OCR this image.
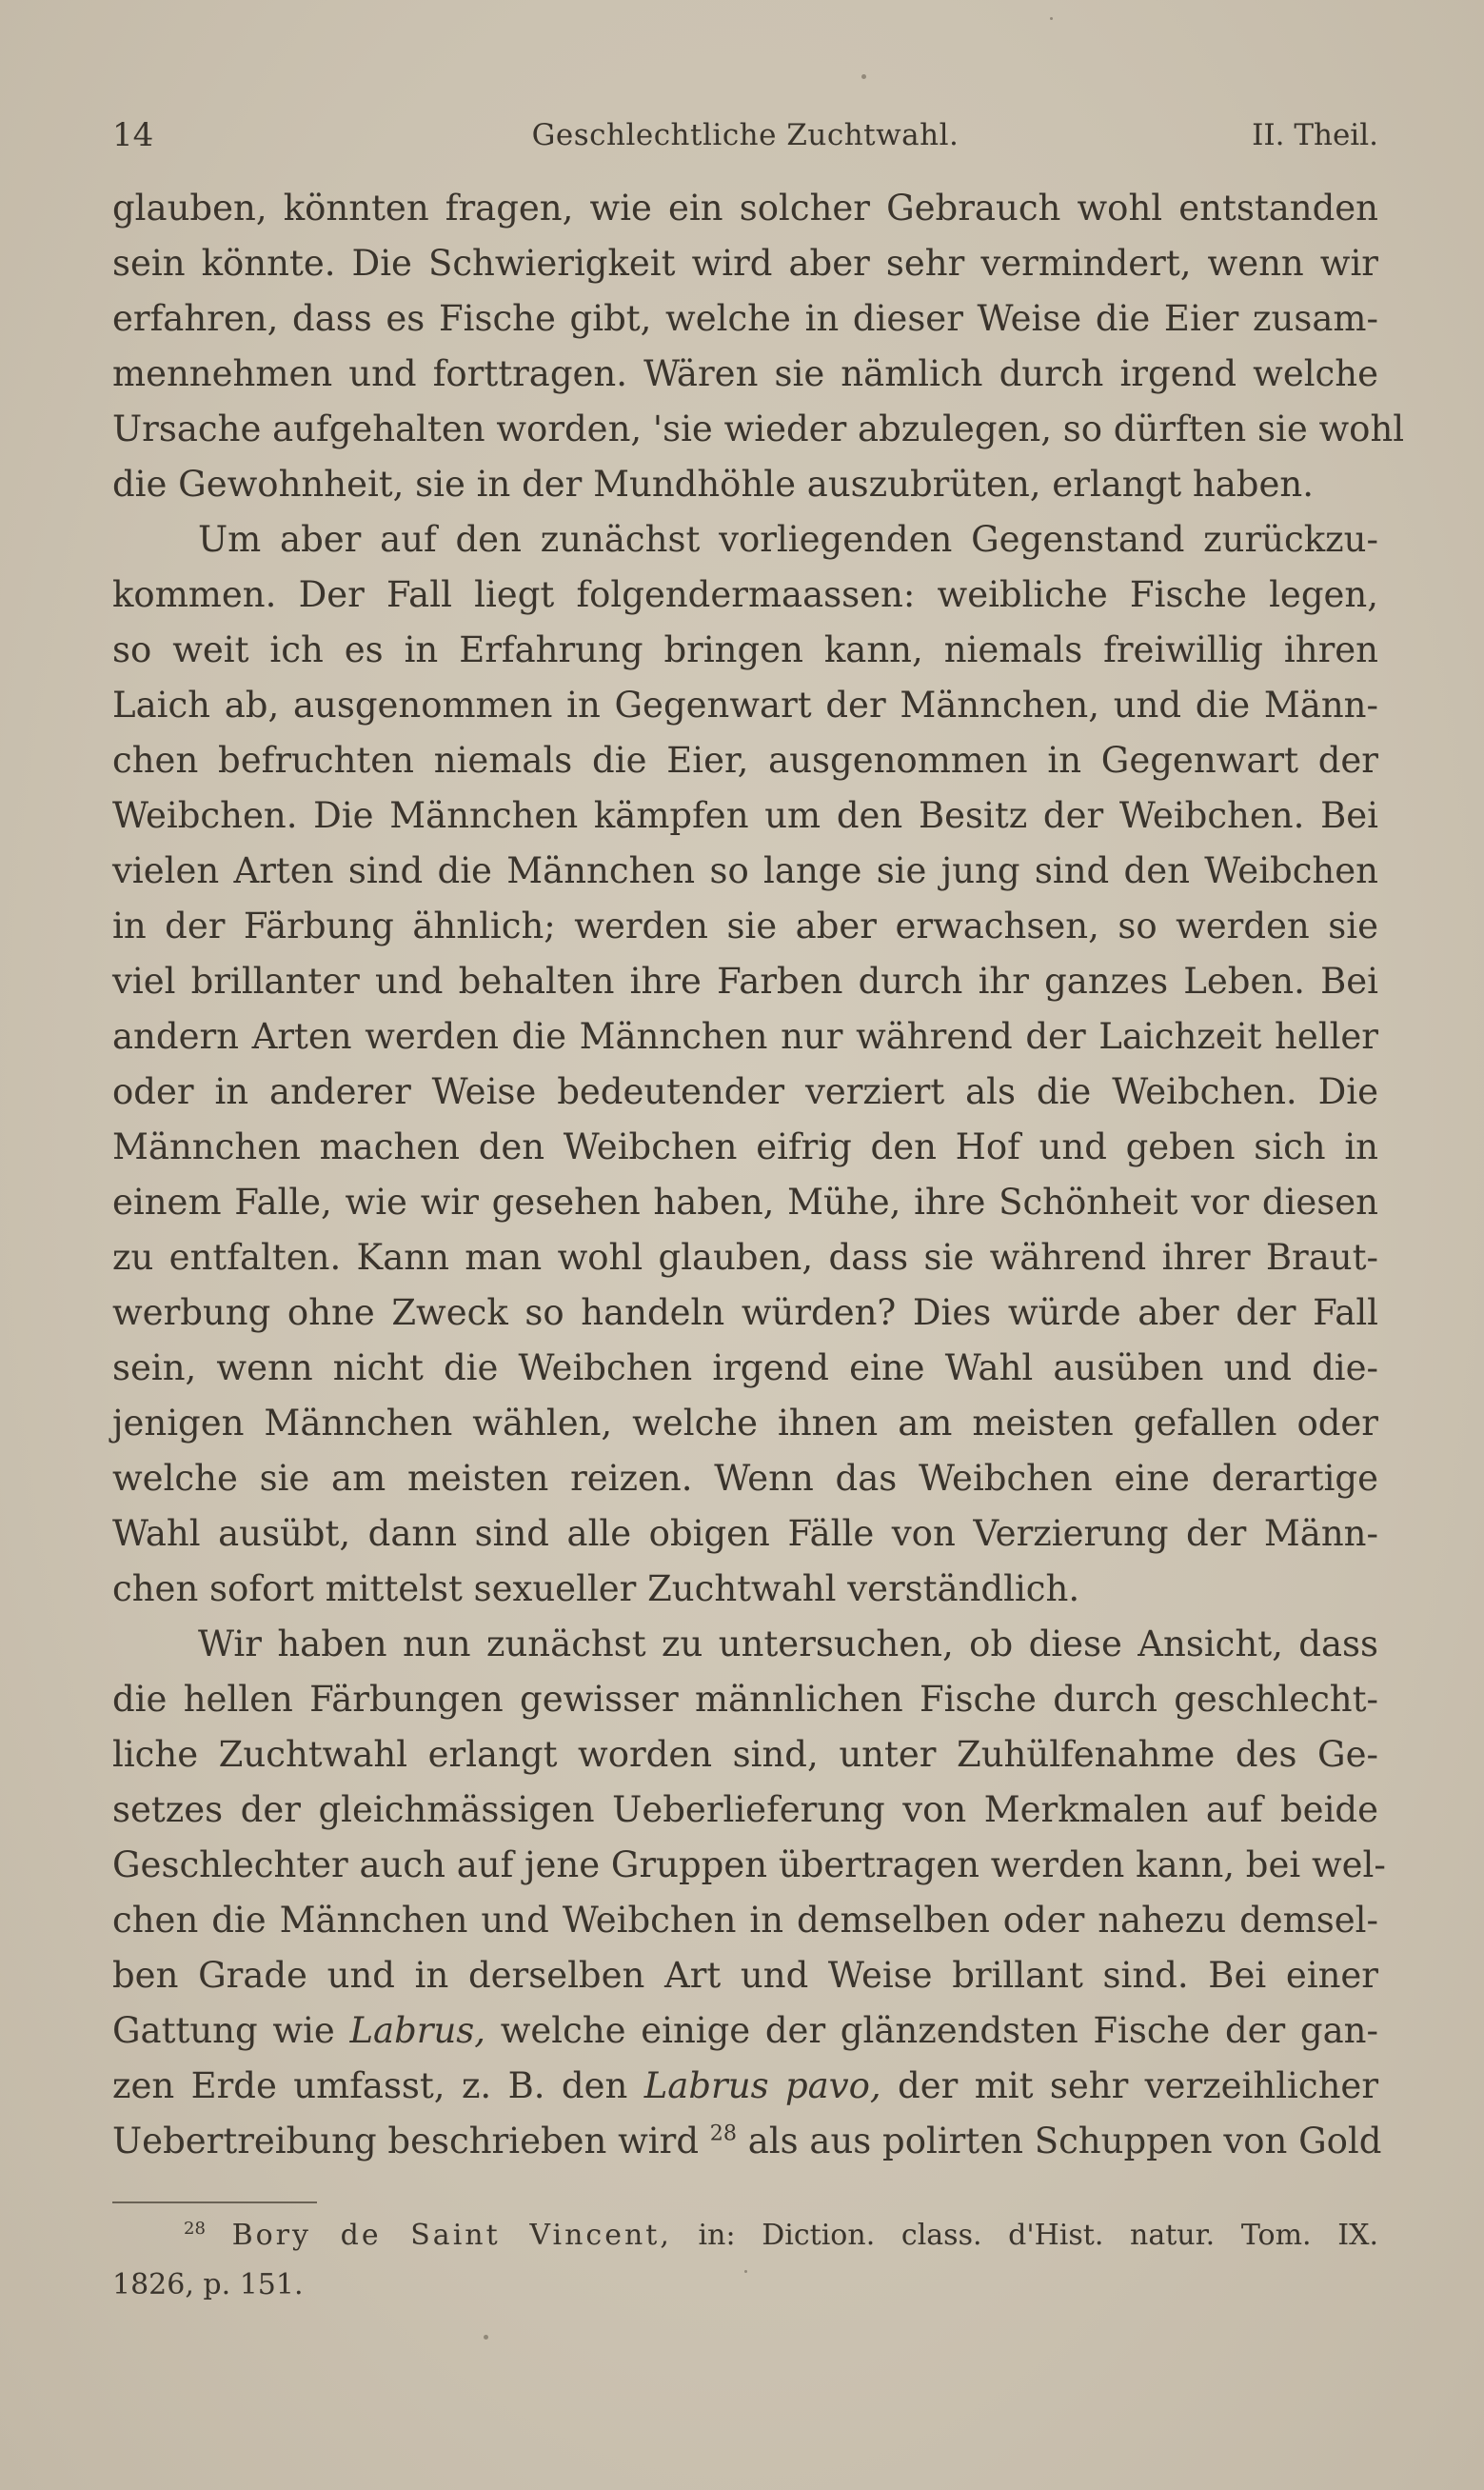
14	Geschlechtliche Zuchtwahl.	II. Theil.

glauben, könnten fragen, wie ein solcher Gebrauch wohl entstanden
sein könnte. Die Schwierigkeit wird aber sehr vermindert, wenn wir
erfahren, dass es Fische gibt, welche in dieser Weise die Eier zusam-
mennehmen und forttragen. Wären sie nämlich durch irgend welche
Ursache aufgehalten worden, 'sie wieder abzulegen, so dürften sie wohl
die Gewohnheit, sie in der Mundhöhle auszubrüten, erlangt haben.

Um aber auf den zunächst vorliegenden Gegenstand zurückzu-
kommen. Der Fall liegt folgendermaassen: weibliche Fische legen,
so weit ich es in Erfahrung bringen kann, niemals freiwillig ihren
Laich ab, ausgenommen in Gegenwart der Männchen, und die Männ-
chen befruchten niemals die Eier, ausgenommen in Gegenwart der
Weibchen. Die Männchen kämpfen um den Besitz der Weibchen. Bei
vielen Arten sind die Männchen so lange sie jung sind den Weibchen
in der Färbung ähnlich; werden sie aber erwachsen, so werden sie
viel brillanter und behalten ihre Farben durch ihr ganzes Leben. Bei
andern Arten werden die Männchen nur während der Laichzeit heller
oder in anderer Weise bedeutender verziert als die Weibchen. Die
Männchen machen den Weibchen eifrig den Hof und geben sich in
einem Falle, wie wir gesehen haben, Mühe, ihre Schönheit vor diesen
zu entfalten. Kann man wohl glauben, dass sie während ihrer Braut-
werbung ohne Zweck so handeln würden? Dies würde aber der Fall
sein, wenn nicht die Weibchen irgend eine Wahl ausüben und die-
jenigen Männchen wählen, welche ihnen am meisten gefallen oder
welche sie am meisten reizen. Wenn das Weibchen eine derartige
Wahl ausübt, dann sind alle obigen Fälle von Verzierung der Männ-
chen sofort mittelst sexueller Zuchtwahl verständlich.

Wir haben nun zunächst zu untersuchen, ob diese Ansicht, dass
die hellen Färbungen gewisser männlichen Fische durch geschlecht-
liche Zuchtwahl erlangt worden sind, unter Zuhülfenahme des Ge-
setzes der gleichmässigen Ueberlieferung von Merkmalen auf beide
Geschlechter auch auf jene Gruppen übertragen werden kann, bei wel-
chen die Männchen und Weibchen in demselben oder nahezu demsel-
ben Grade und in derselben Art und Weise brillant sind. Bei einer
Gattung wie Labrus, welche einige der glänzendsten Fische der gan-
zen Erde umfasst, z. B. den Labrus pavo, der mit sehr verzeihlicher
Uebertreibung beschrieben wird $^{28}$ als aus polirten Schuppen von Gold

$^{28}$ Bory de Saint Vincent, in: Diction. class. d'Hist. natur. Tom. IX.
1826, p. 151.
